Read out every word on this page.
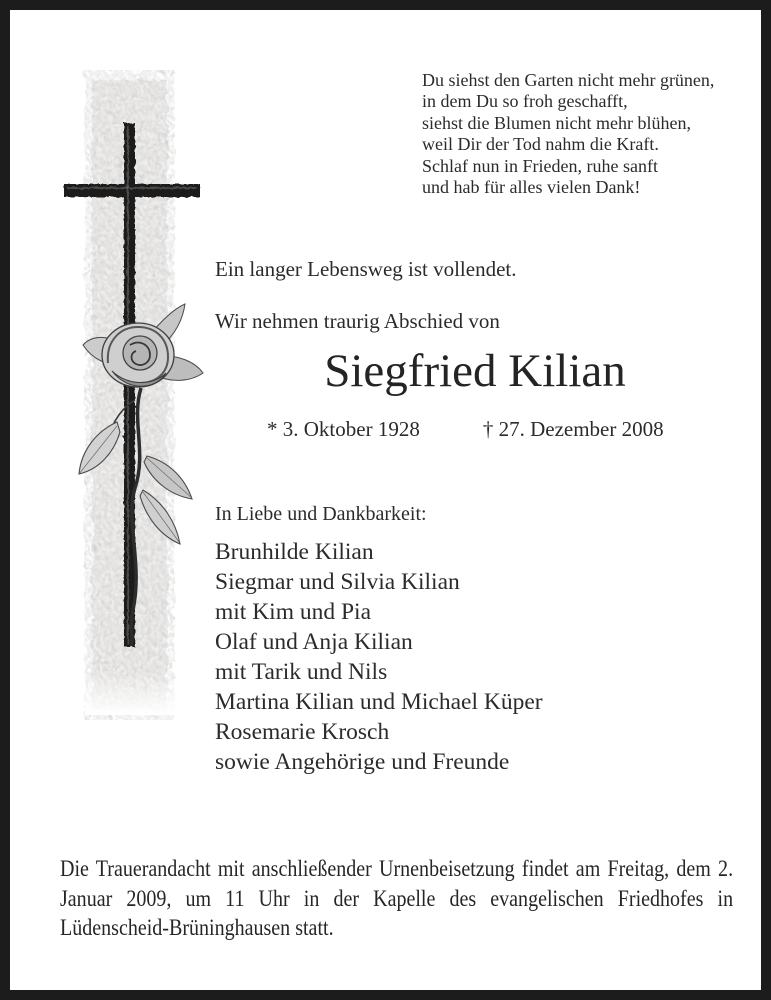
Du siehst den Garten nicht mehr grünen,
in dem Du so froh geschafft,
siehst die Blumen nicht mehr blühen,
weil Dir der Tod nahm die Kraft.
Schlaf nun in Frieden, ruhe sanft
und hab für alles vielen Dank!
Ein langer Lebensweg ist vollendet.
Wir nehmen traurig Abschied von
Siegfried Kilian
* 3. Oktober 1928	† 27. Dezember 2008
In Liebe und Dankbarkeit:
Brunhilde Kilian
Siegmar und Silvia Kilian
mit Kim und Pia
Olaf und Anja Kilian
mit Tarik und Nils
Martina Kilian und Michael Küper
Rosemarie Krosch
sowie Angehörige und Freunde
Die Trauerandacht mit anschließender Urnenbeisetzung findet am Freitag, dem 2. Januar 2009, um 11 Uhr in der Kapelle des evangelischen Friedhofes in Lüdenscheid-Brüninghausen statt.
